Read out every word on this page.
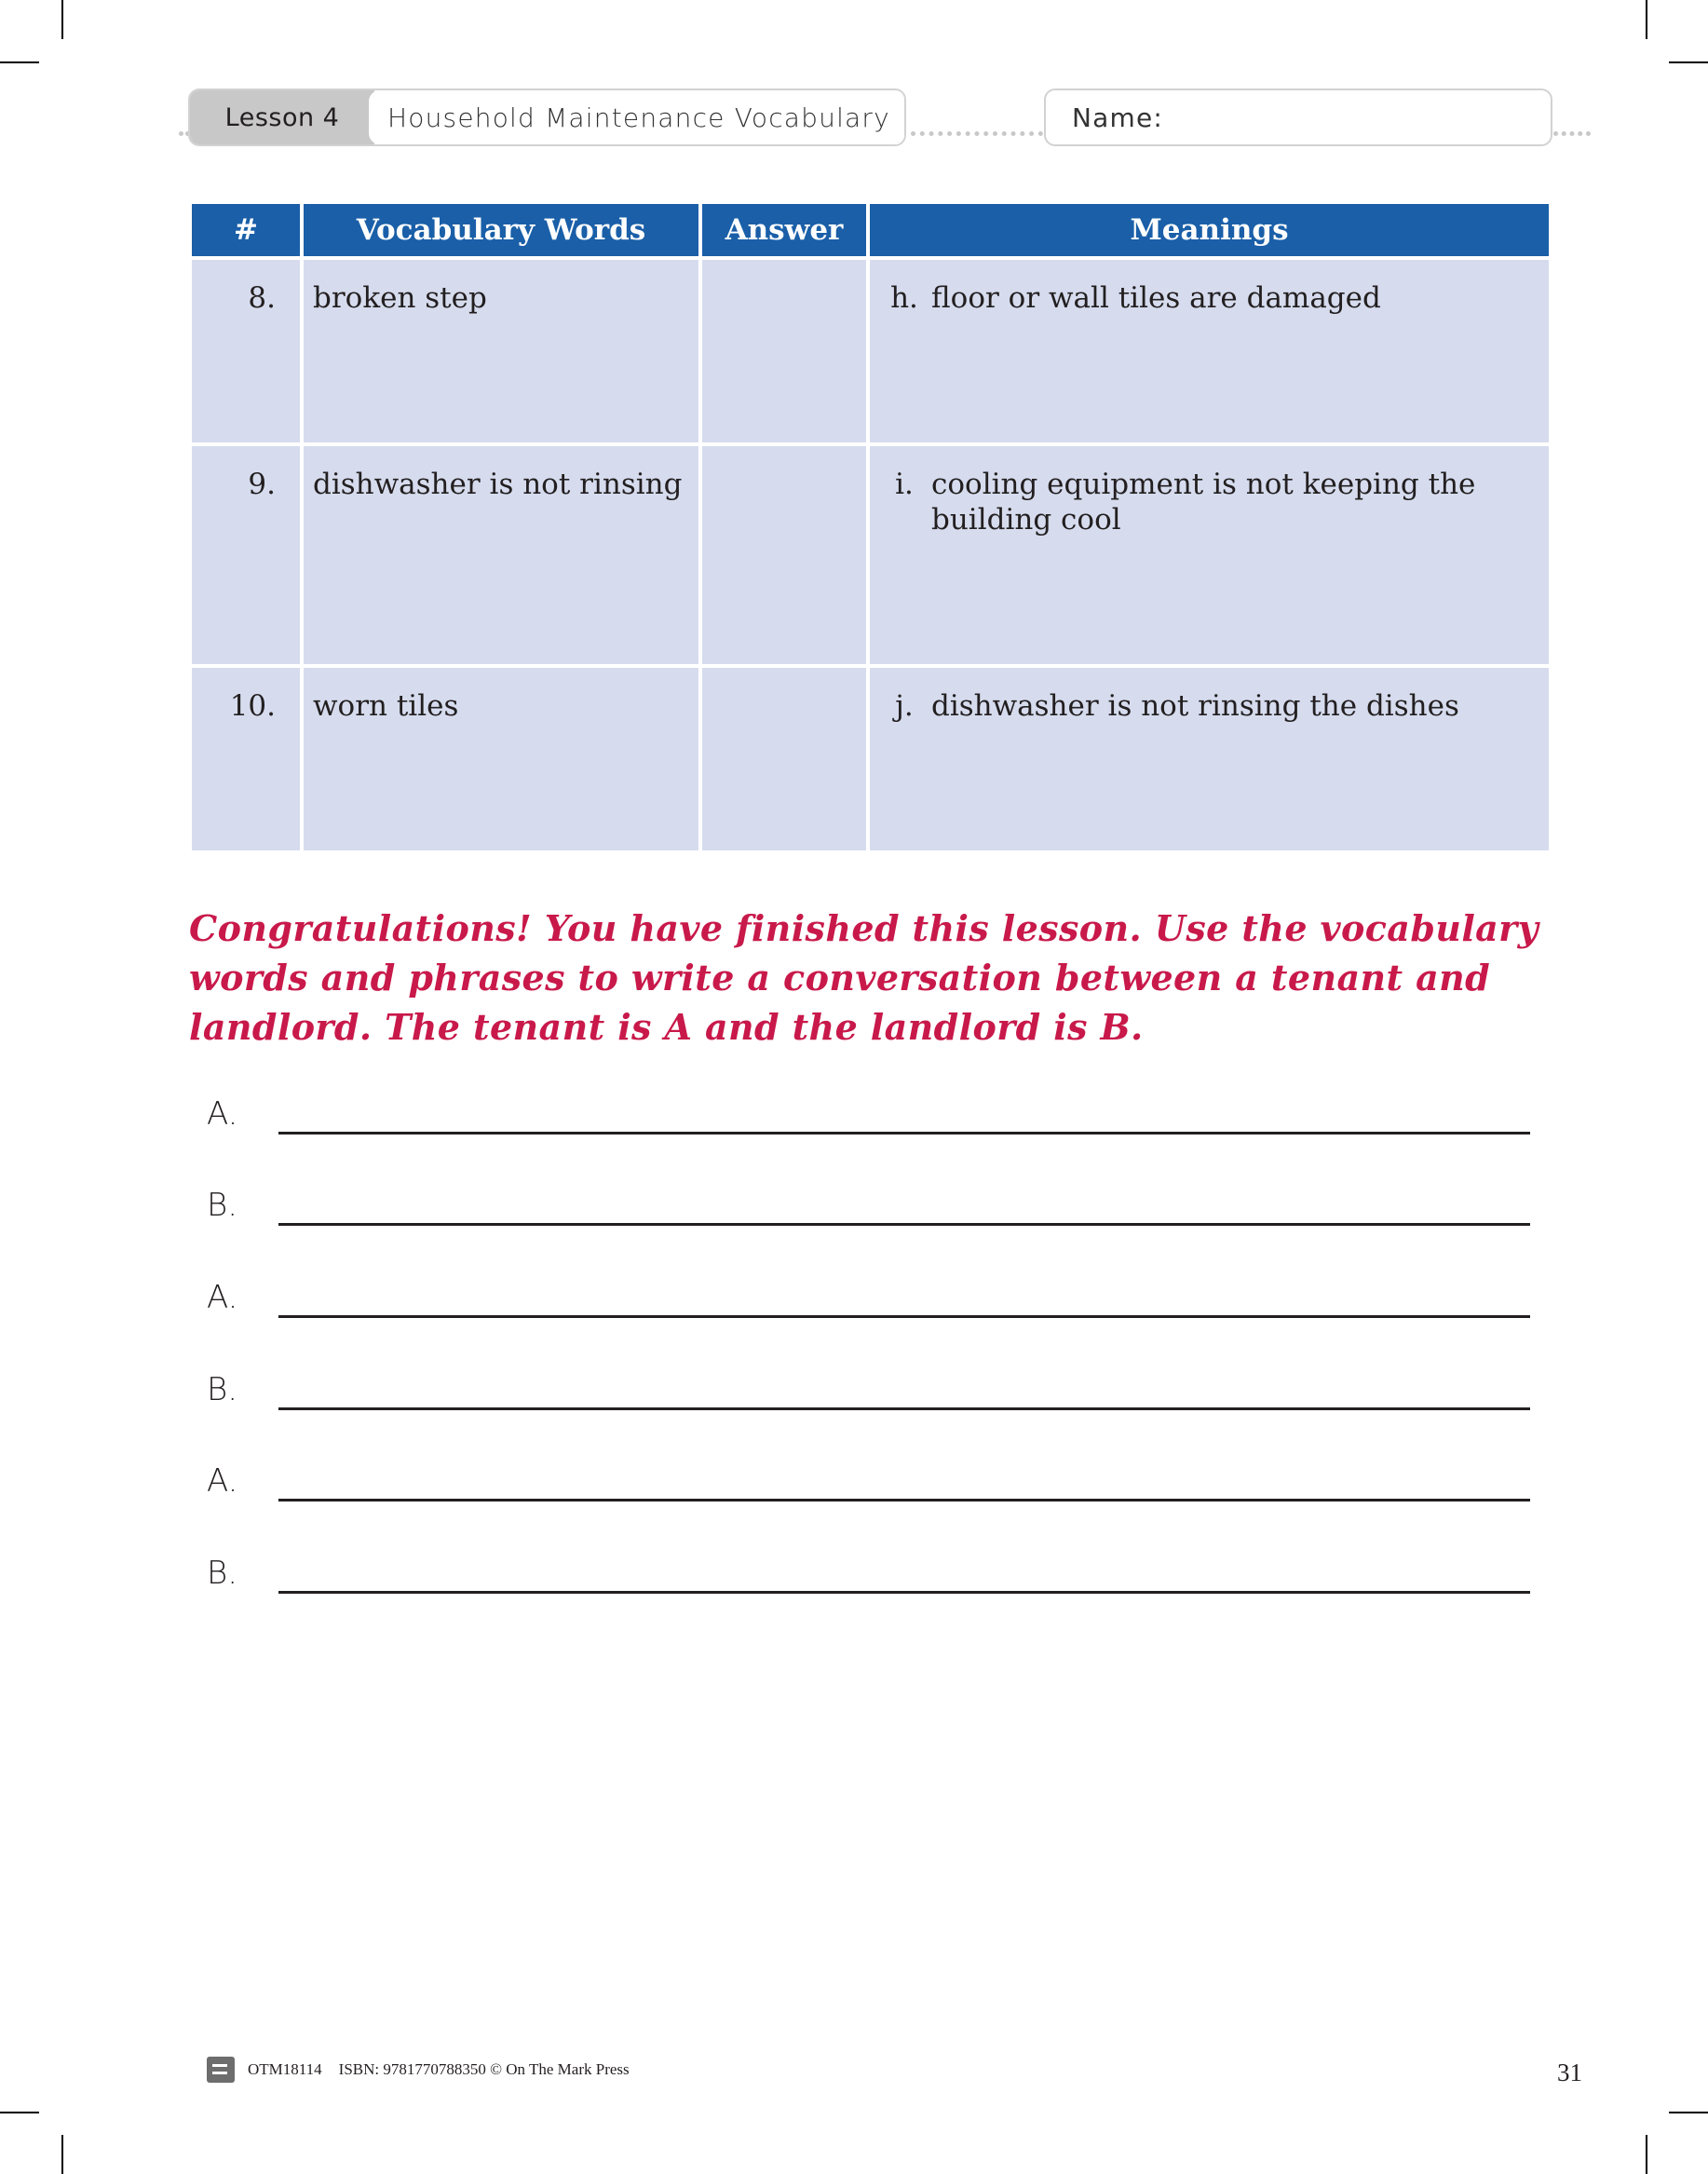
Lesson 4	Household Maintenance Vocabulary	Name:
#	Vocabulary Words	Answer	Meanings
8.	broken step		h. floor or wall tiles are damaged

9.	dishwasher is not rinsing		i. cooling equipment is not keeping the building cool

10.	worn tiles		j. dishwasher is not rinsing the dishes
Congratulations! You have finished this lesson. Use the vocabulary words and phrases to write a conversation between a tenant and landlord. The tenant is A and the landlord is B.
A.
B.
A.
B.
A.
B.
OTM18114 ISBN: 9781770788350 © On The Mark Press	31
